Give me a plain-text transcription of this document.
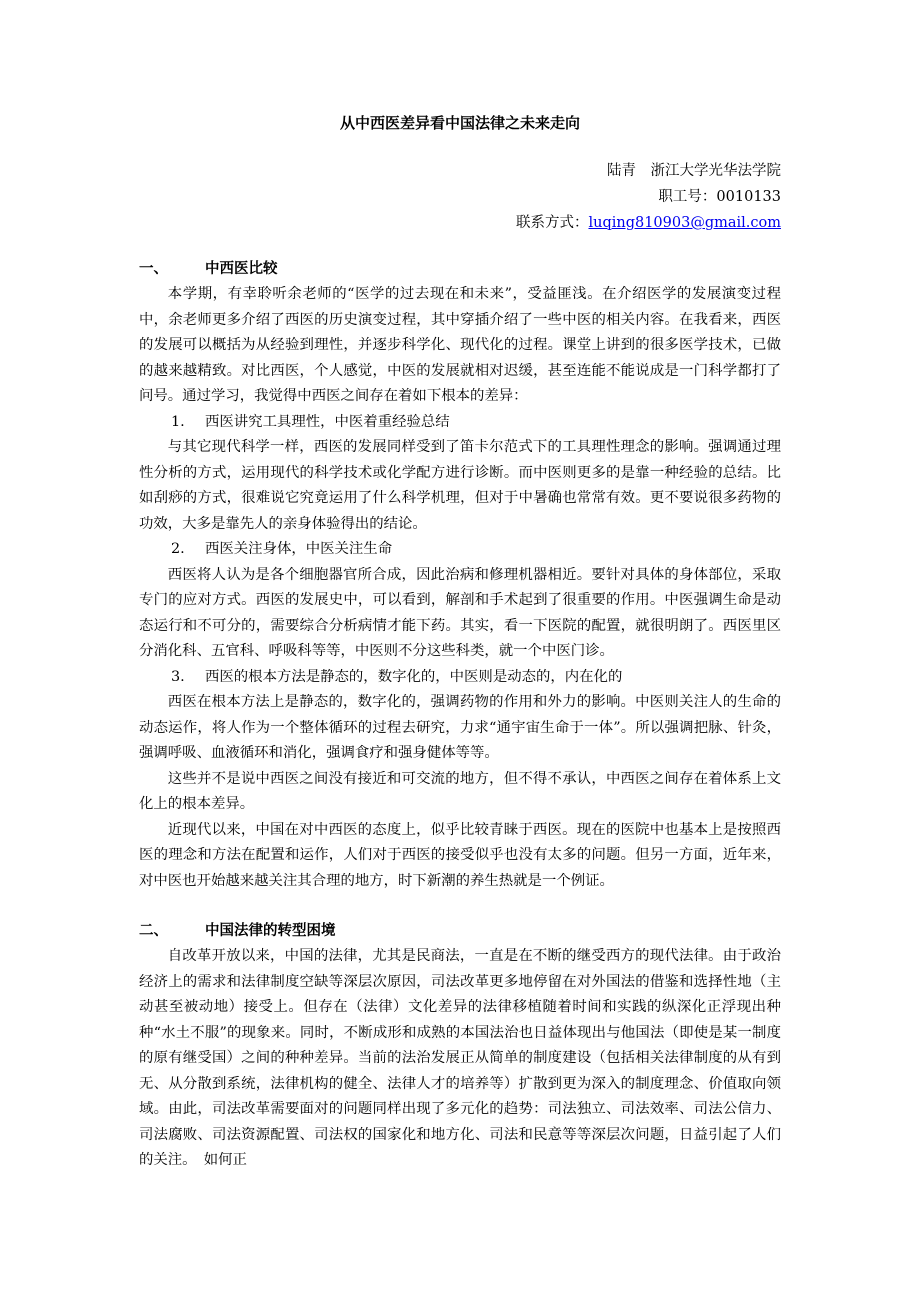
从中西医差异看中国法律之未来走向
陆青　浙江大学光华法学院
职工号：0010133
联系方式：luqing810903@gmail.com
一、	中西医比较

本学期，有幸聆听余老师的“医学的过去现在和未来”，受益匪浅。在介绍医学的发展演变过程中，余老师更多介绍了西医的历史演变过程，其中穿插介绍了一些中医的相关内容。在我看来，西医的发展可以概括为从经验到理性，并逐步科学化、现代化的过程。课堂上讲到的很多医学技术，已做的越来越精致。对比西医，个人感觉，中医的发展就相对迟缓，甚至连能不能说成是一门科学都打了问号。通过学习，我觉得中西医之间存在着如下根本的差异：

1. 西医讲究工具理性，中医着重经验总结

与其它现代科学一样，西医的发展同样受到了笛卡尔范式下的工具理性理念的影响。强调通过理性分析的方式，运用现代的科学技术或化学配方进行诊断。而中医则更多的是靠一种经验的总结。比如刮痧的方式，很难说它究竟运用了什么科学机理，但对于中暑确也常常有效。更不要说很多药物的功效，大多是靠先人的亲身体验得出的结论。

2. 西医关注身体，中医关注生命

西医将人认为是各个细胞器官所合成，因此治病和修理机器相近。要针对具体的身体部位，采取专门的应对方式。西医的发展史中，可以看到，解剖和手术起到了很重要的作用。中医强调生命是动态运行和不可分的，需要综合分析病情才能下药。其实，看一下医院的配置，就很明朗了。西医里区分消化科、五官科、呼吸科等等，中医则不分这些科类，就一个中医门诊。

3. 西医的根本方法是静态的，数字化的，中医则是动态的，内在化的

西医在根本方法上是静态的，数字化的，强调药物的作用和外力的影响。中医则关注人的生命的动态运作，将人作为一个整体循环的过程去研究，力求“通宇宙生命于一体”。所以强调把脉、针灸，强调呼吸、血液循环和消化，强调食疗和强身健体等等。

这些并不是说中西医之间没有接近和可交流的地方，但不得不承认，中西医之间存在着体系上文化上的根本差异。

近现代以来，中国在对中西医的态度上，似乎比较青睐于西医。现在的医院中也基本上是按照西医的理念和方法在配置和运作，人们对于西医的接受似乎也没有太多的问题。但另一方面，近年来，对中医也开始越来越关注其合理的地方，时下新潮的养生热就是一个例证。

二、	中国法律的转型困境

自改革开放以来，中国的法律，尤其是民商法，一直是在不断的继受西方的现代法律。由于政治经济上的需求和法律制度空缺等深层次原因，司法改革更多地停留在对外国法的借鉴和选择性地（主动甚至被动地）接受上。但存在（法律）文化差异的法律移植随着时间和实践的纵深化正浮现出种种“水土不服”的现象来。同时，不断成形和成熟的本国法治也日益体现出与他国法（即使是某一制度的原有继受国）之间的种种差异。当前的法治发展正从简单的制度建设（包括相关法律制度的从有到无、从分散到系统，法律机构的健全、法律人才的培养等）扩散到更为深入的制度理念、价值取向领域。由此，司法改革需要面对的问题同样出现了多元化的趋势：司法独立、司法效率、司法公信力、司法腐败、司法资源配置、司法权的国家化和地方化、司法和民意等等深层次问题，日益引起了人们的关注。　如何正
